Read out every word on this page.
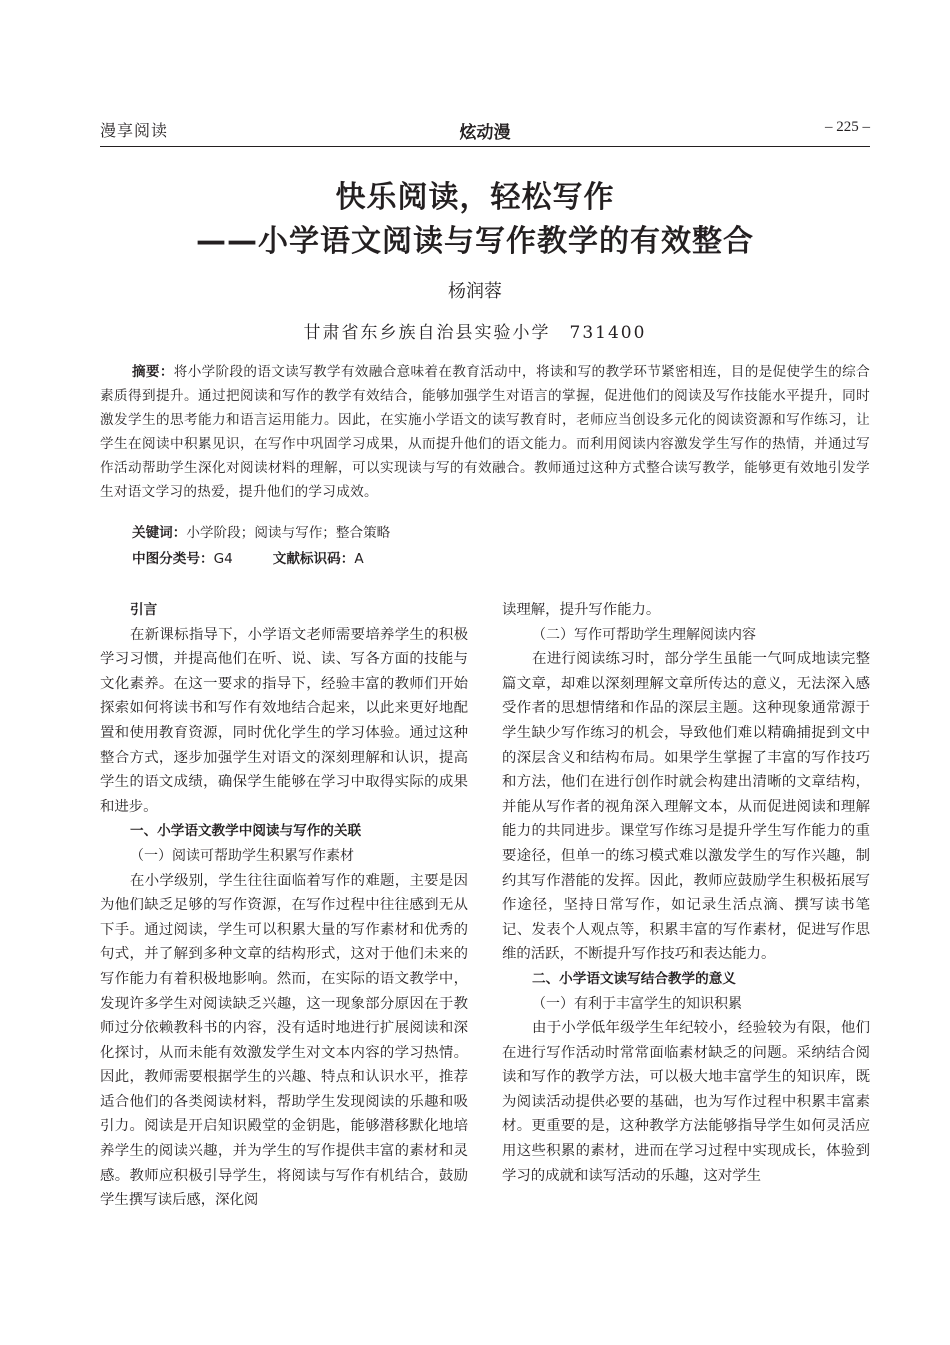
漫享阅读	炫动漫	– 225 –
快乐阅读，轻松写作
——小学语文阅读与写作教学的有效整合
杨润蓉
甘肃省东乡族自治县实验小学　731400

摘要：将小学阶段的语文读写教学有效融合意味着在教育活动中，将读和写的教学环节紧密相连，目的是促使学生的综合素质得到提升。通过把阅读和写作的教学有效结合，能够加强学生对语言的掌握，促进他们的阅读及写作技能水平提升，同时激发学生的思考能力和语言运用能力。因此，在实施小学语文的读写教育时，老师应当创设多元化的阅读资源和写作练习，让学生在阅读中积累见识，在写作中巩固学习成果，从而提升他们的语文能力。而利用阅读内容激发学生写作的热情，并通过写作活动帮助学生深化对阅读材料的理解，可以实现读与写的有效融合。教师通过这种方式整合读写教学，能够更有效地引发学生对语文学习的热爱，提升他们的学习成效。

关键词：小学阶段；阅读与写作；整合策略
中图分类号：G4	文献标识码：A

引言

在新课标指导下，小学语文老师需要培养学生的积极学习习惯，并提高他们在听、说、读、写各方面的技能与文化素养。在这一要求的指导下，经验丰富的教师们开始探索如何将读书和写作有效地结合起来，以此来更好地配置和使用教育资源，同时优化学生的学习体验。通过这种整合方式，逐步加强学生对语文的深刻理解和认识，提高学生的语文成绩，确保学生能够在学习中取得实际的成果和进步。

一、小学语文教学中阅读与写作的关联

（一）阅读可帮助学生积累写作素材

在小学级别，学生往往面临着写作的难题，主要是因为他们缺乏足够的写作资源，在写作过程中往往感到无从下手。通过阅读，学生可以积累大量的写作素材和优秀的句式，并了解到多种文章的结构形式，这对于他们未来的写作能力有着积极地影响。然而，在实际的语文教学中，发现许多学生对阅读缺乏兴趣，这一现象部分原因在于教师过分依赖教科书的内容，没有适时地进行扩展阅读和深化探讨，从而未能有效激发学生对文本内容的学习热情。因此，教师需要根据学生的兴趣、特点和认识水平，推荐适合他们的各类阅读材料，帮助学生发现阅读的乐趣和吸引力。阅读是开启知识殿堂的金钥匙，能够潜移默化地培养学生的阅读兴趣，并为学生的写作提供丰富的素材和灵感。教师应积极引导学生，将阅读与写作有机结合，鼓励学生撰写读后感，深化阅

读理解，提升写作能力。

（二）写作可帮助学生理解阅读内容

在进行阅读练习时，部分学生虽能一气呵成地读完整篇文章，却难以深刻理解文章所传达的意义，无法深入感受作者的思想情绪和作品的深层主题。这种现象通常源于学生缺少写作练习的机会，导致他们难以精确捕捉到文中的深层含义和结构布局。如果学生掌握了丰富的写作技巧和方法，他们在进行创作时就会构建出清晰的文章结构，并能从写作者的视角深入理解文本，从而促进阅读和理解能力的共同进步。课堂写作练习是提升学生写作能力的重要途径，但单一的练习模式难以激发学生的写作兴趣，制约其写作潜能的发挥。因此，教师应鼓励学生积极拓展写作途径，坚持日常写作，如记录生活点滴、撰写读书笔记、发表个人观点等，积累丰富的写作素材，促进写作思维的活跃，不断提升写作技巧和表达能力。

二、小学语文读写结合教学的意义

（一）有利于丰富学生的知识积累

由于小学低年级学生年纪较小，经验较为有限，他们在进行写作活动时常常面临素材缺乏的问题。采纳结合阅读和写作的教学方法，可以极大地丰富学生的知识库，既为阅读活动提供必要的基础，也为写作过程中积累丰富素材。更重要的是，这种教学方法能够指导学生如何灵活应用这些积累的素材，进而在学习过程中实现成长，体验到学习的成就和读写活动的乐趣，这对学生
